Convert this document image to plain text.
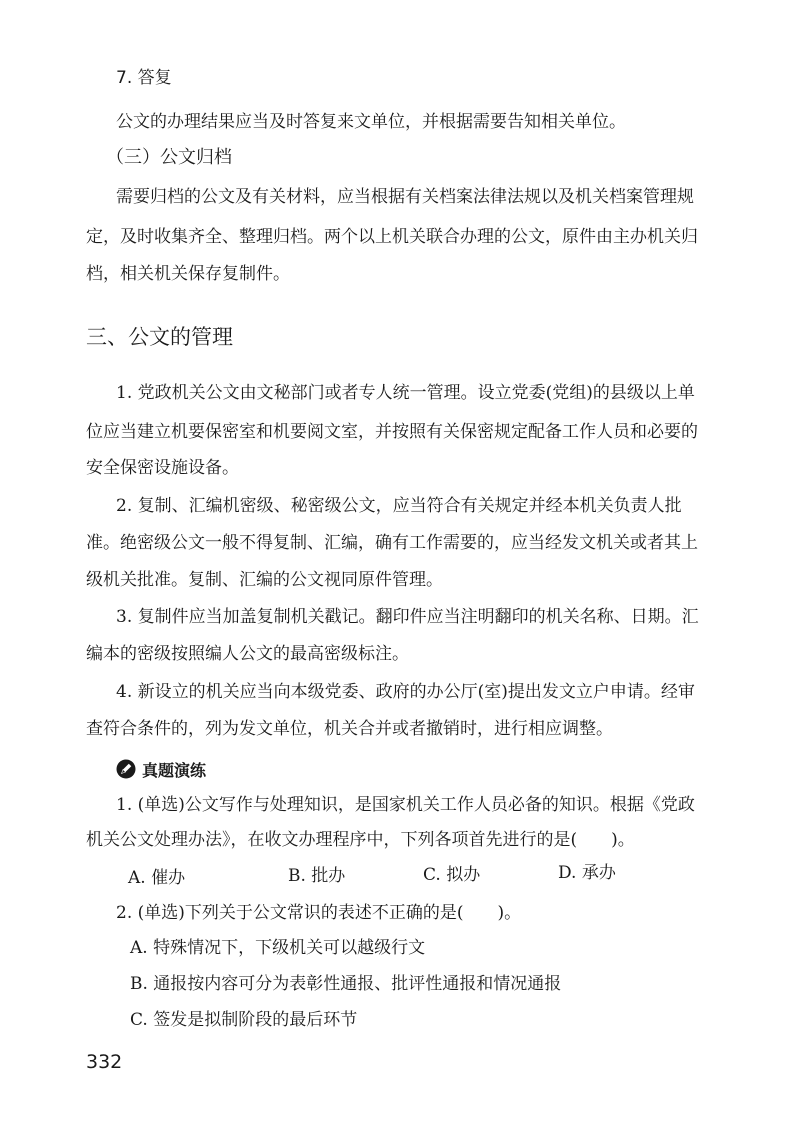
7. 答复
公文的办理结果应当及时答复来文单位，并根据需要告知相关单位。
（三）公文归档
需要归档的公文及有关材料，应当根据有关档案法律法规以及机关档案管理规
定，及时收集齐全、整理归档。两个以上机关联合办理的公文，原件由主办机关归
档，相关机关保存复制件。
三、公文的管理
1. 党政机关公文由文秘部门或者专人统一管理。设立党委(党组)的县级以上单
位应当建立机要保密室和机要阅文室，并按照有关保密规定配备工作人员和必要的
安全保密设施设备。
2. 复制、汇编机密级、秘密级公文，应当符合有关规定并经本机关负责人批
准。绝密级公文一般不得复制、汇编，确有工作需要的，应当经发文机关或者其上
级机关批准。复制、汇编的公文视同原件管理。
3. 复制件应当加盖复制机关戳记。翻印件应当注明翻印的机关名称、日期。汇
编本的密级按照编人公文的最高密级标注。
4. 新设立的机关应当向本级党委、政府的办公厅(室)提出发文立户申请。经审
查符合条件的，列为发文单位，机关合并或者撤销时，进行相应调整。
真题演练
1. (单选)公文写作与处理知识，是国家机关工作人员必备的知识。根据《党政
机关公文处理办法》，在收文办理程序中，下列各项首先进行的是(　　)。
A. 催办	B. 批办	C. 拟办	D. 承办
2. (单选)下列关于公文常识的表述不正确的是(　　)。
A. 特殊情况下，下级机关可以越级行文
B. 通报按内容可分为表彰性通报、批评性通报和情况通报
C. 签发是拟制阶段的最后环节
332
